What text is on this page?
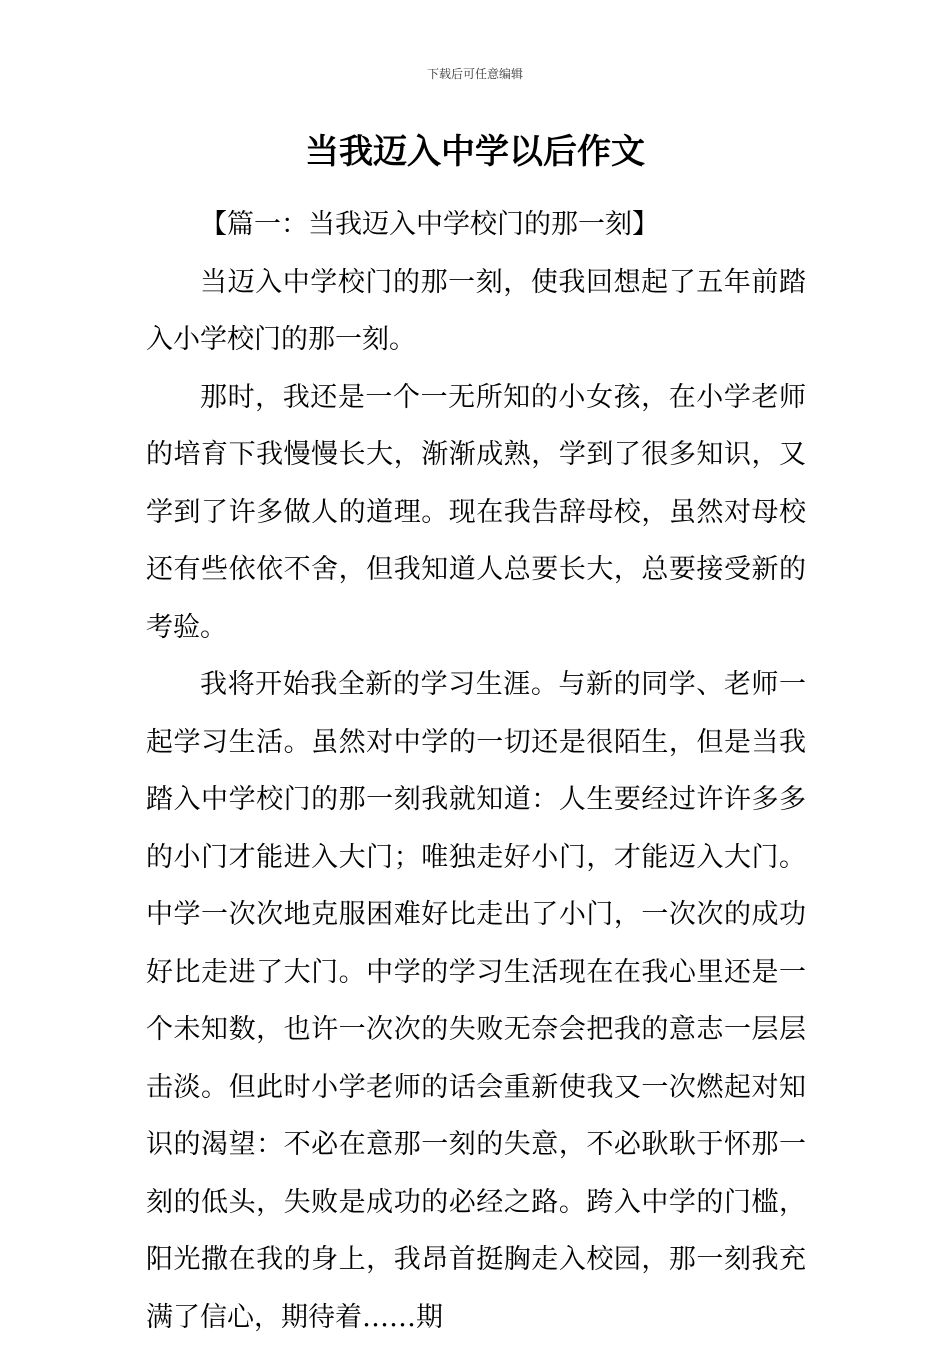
下载后可任意编辑
当我迈入中学以后作文

【篇一：当我迈入中学校门的那一刻】

当迈入中学校门的那一刻，使我回想起了五年前踏入小学校门的那一刻。

那时，我还是一个一无所知的小女孩，在小学老师的培育下我慢慢长大，渐渐成熟，学到了很多知识，又学到了许多做人的道理。现在我告辞母校，虽然对母校还有些依依不舍，但我知道人总要长大，总要接受新的考验。

我将开始我全新的学习生涯。与新的同学、老师一起学习生活。虽然对中学的一切还是很陌生，但是当我踏入中学校门的那一刻我就知道：人生要经过许许多多的小门才能进入大门；唯独走好小门，才能迈入大门。中学一次次地克服困难好比走出了小门，一次次的成功好比走进了大门。中学的学习生活现在在我心里还是一个未知数，也许一次次的失败无奈会把我的意志一层层击淡。但此时小学老师的话会重新使我又一次燃起对知识的渴望：不必在意那一刻的失意，不必耿耿于怀那一刻的低头，失败是成功的必经之路。跨入中学的门槛，阳光撒在我的身上，我昂首挺胸走入校园，那一刻我充满了信心，期待着……期
